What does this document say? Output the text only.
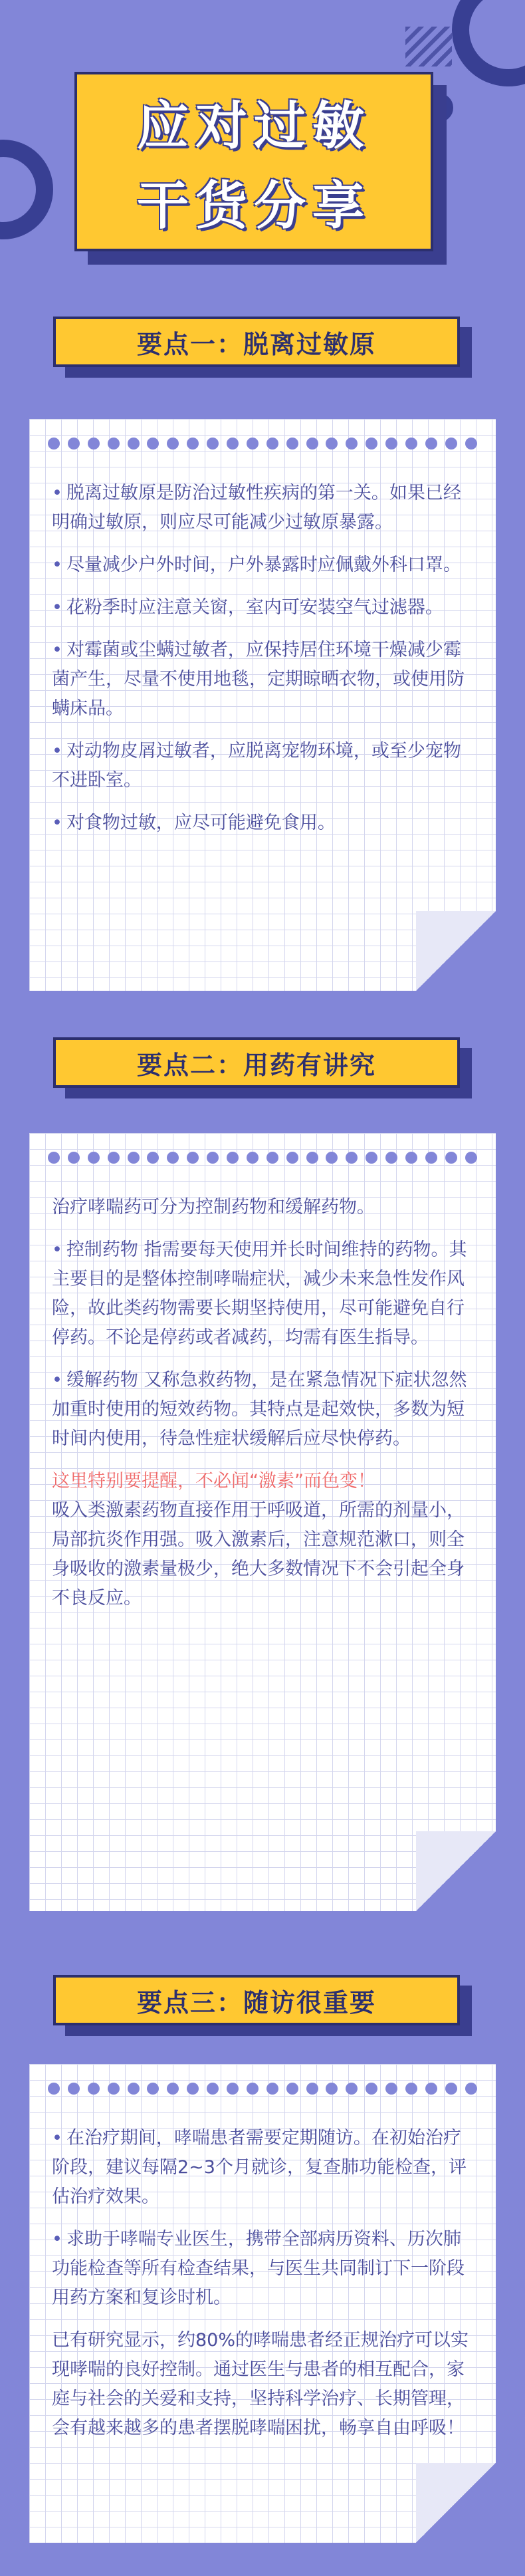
应对过敏
干货分享
要点一：脱离过敏原

• 脱离过敏原是防治过敏性疾病的第一关。如果已经明确过敏原，则应尽可能减少过敏原暴露。

• 尽量减少户外时间，户外暴露时应佩戴外科口罩。

• 花粉季时应注意关窗，室内可安装空气过滤器。

• 对霉菌或尘螨过敏者，应保持居住环境干燥减少霉菌产生，尽量不使用地毯，定期晾晒衣物，或使用防螨床品。

• 对动物皮屑过敏者，应脱离宠物环境，或至少宠物不进卧室。

• 对食物过敏，应尽可能避免食用。

要点二：用药有讲究

治疗哮喘药可分为控制药物和缓解药物。

• 控制药物 指需要每天使用并长时间维持的药物。其主要目的是整体控制哮喘症状，减少未来急性发作风险，故此类药物需要长期坚持使用，尽可能避免自行停药。不论是停药或者减药，均需有医生指导。

• 缓解药物 又称急救药物，是在紧急情况下症状忽然加重时使用的短效药物。其特点是起效快，多数为短时间内使用，待急性症状缓解后应尽快停药。

这里特别要提醒，不必闻“激素”而色变！

吸入类激素药物直接作用于呼吸道，所需的剂量小，局部抗炎作用强。吸入激素后，注意规范漱口，则全身吸收的激素量极少，绝大多数情况下不会引起全身不良反应。

要点三：随访很重要

• 在治疗期间，哮喘患者需要定期随访。在初始治疗阶段，建议每隔2~3个月就诊，复查肺功能检查，评估治疗效果。

• 求助于哮喘专业医生，携带全部病历资料、历次肺功能检查等所有检查结果，与医生共同制订下一阶段用药方案和复诊时机。

已有研究显示，约80%的哮喘患者经正规治疗可以实现哮喘的良好控制。通过医生与患者的相互配合，家庭与社会的关爱和支持，坚持科学治疗、长期管理，会有越来越多的患者摆脱哮喘困扰，畅享自由呼吸！
